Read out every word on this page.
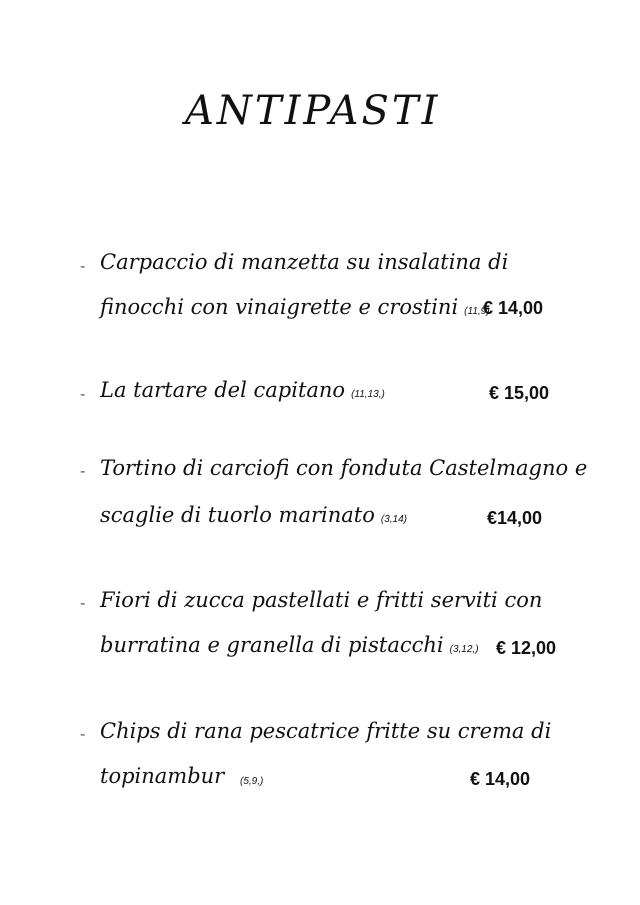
ANTIPASTI
- Carpaccio di manzetta su insalatina di
finocchi con vinaigrette e crostini (11,9)
€ 14,00
- La tartare del capitano (11,13,)	€ 15,00
- Tortino di carciofi con fonduta Castelmagno e
scaglie di tuorlo marinato (3,14)	€14,00
- Fiori di zucca pastellati e fritti serviti con
burratina e granella di pistacchi (3,12,) € 12,00
- Chips di rana pescatrice fritte su crema di
topinambur (5,9,)	€ 14,00
